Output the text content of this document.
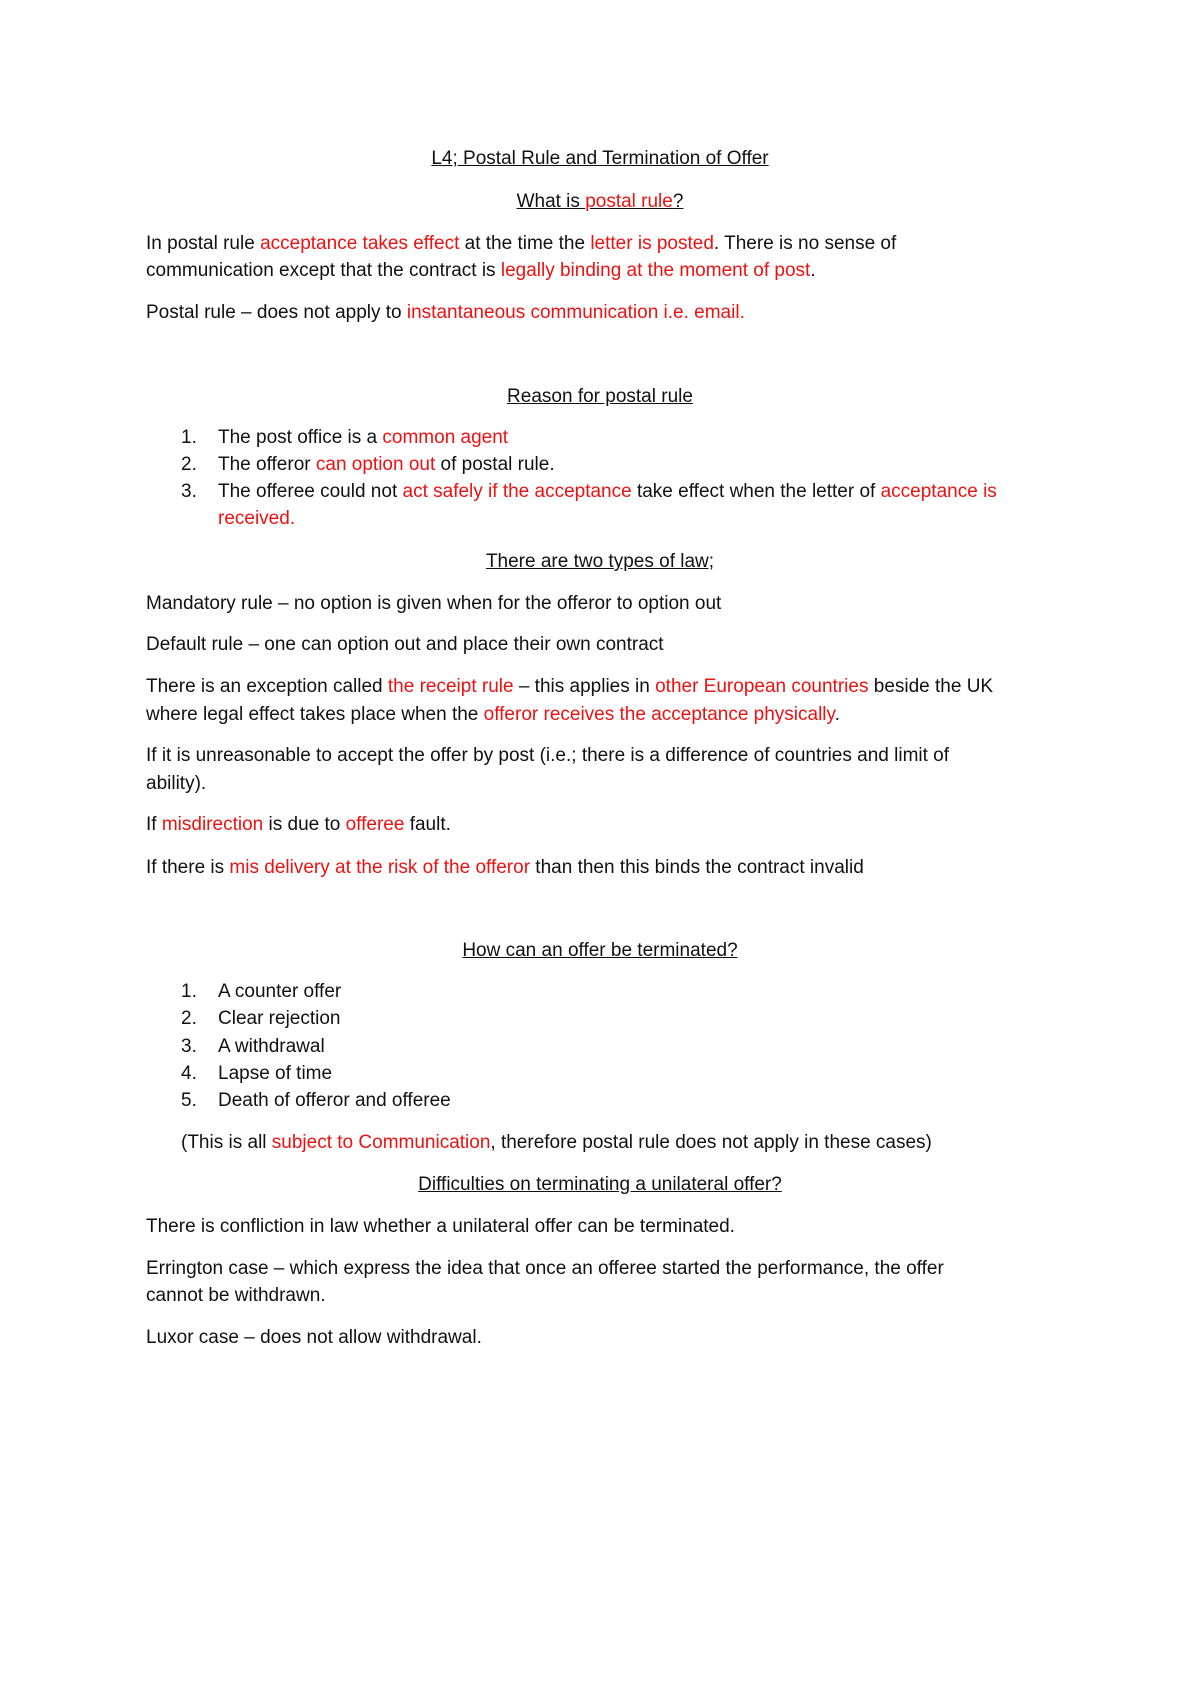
L4; Postal Rule and Termination of Offer
What is postal rule?
In postal rule acceptance takes effect at the time the letter is posted. There is no sense of
communication except that the contract is legally binding at the moment of post.
Postal rule – does not apply to instantaneous communication i.e. email.
Reason for postal rule
1.	The post office is a common agent
2.	The offeror can option out of postal rule.
3.	The offeree could not act safely if the acceptance take effect when the letter of acceptance is
received.
There are two types of law;
Mandatory rule – no option is given when for the offeror to option out
Default rule – one can option out and place their own contract
There is an exception called the receipt rule – this applies in other European countries beside the UK
where legal effect takes place when the offeror receives the acceptance physically.
If it is unreasonable to accept the offer by post (i.e.; there is a difference of countries and limit of
ability).
If misdirection is due to offeree fault.
If there is mis delivery at the risk of the offeror than then this binds the contract invalid
How can an offer be terminated?
1.	A counter offer
2.	Clear rejection
3.	A withdrawal
4.	Lapse of time
5.	Death of offeror and offeree
(This is all subject to Communication, therefore postal rule does not apply in these cases)
Difficulties on terminating a unilateral offer?
There is confliction in law whether a unilateral offer can be terminated.
Errington case – which express the idea that once an offeree started the performance, the offer
cannot be withdrawn.
Luxor case – does not allow withdrawal.
